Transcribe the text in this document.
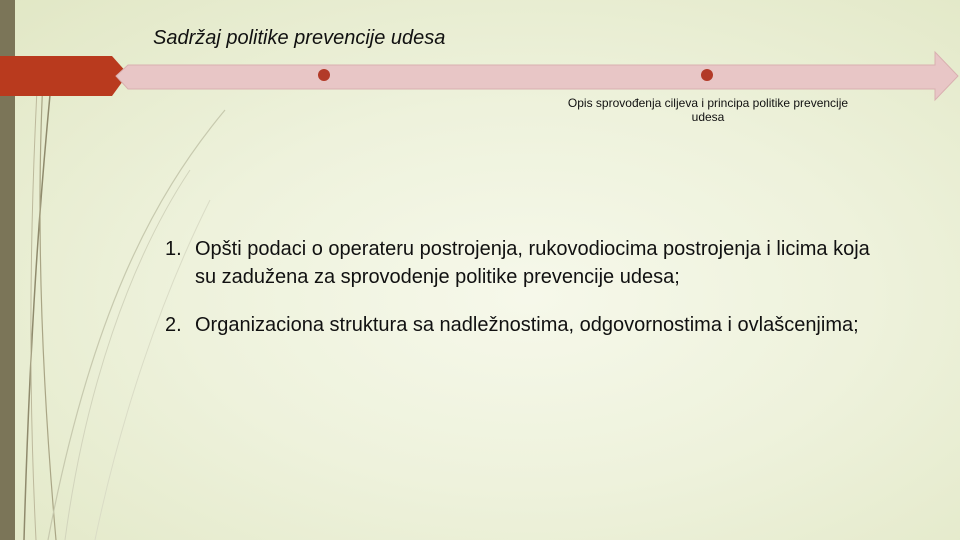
Sadržaj politike prevencije udesa
Opis sprovođenja ciljeva i principa politike prevencije udesa
1. Opšti podaci o operateru postrojenja, rukovodiocima postrojenja i licima koja su zadužena za sprovodenje politike prevencije udesa;
2. Organizaciona struktura sa nadležnostima, odgovornostima i ovlašcenjima;
